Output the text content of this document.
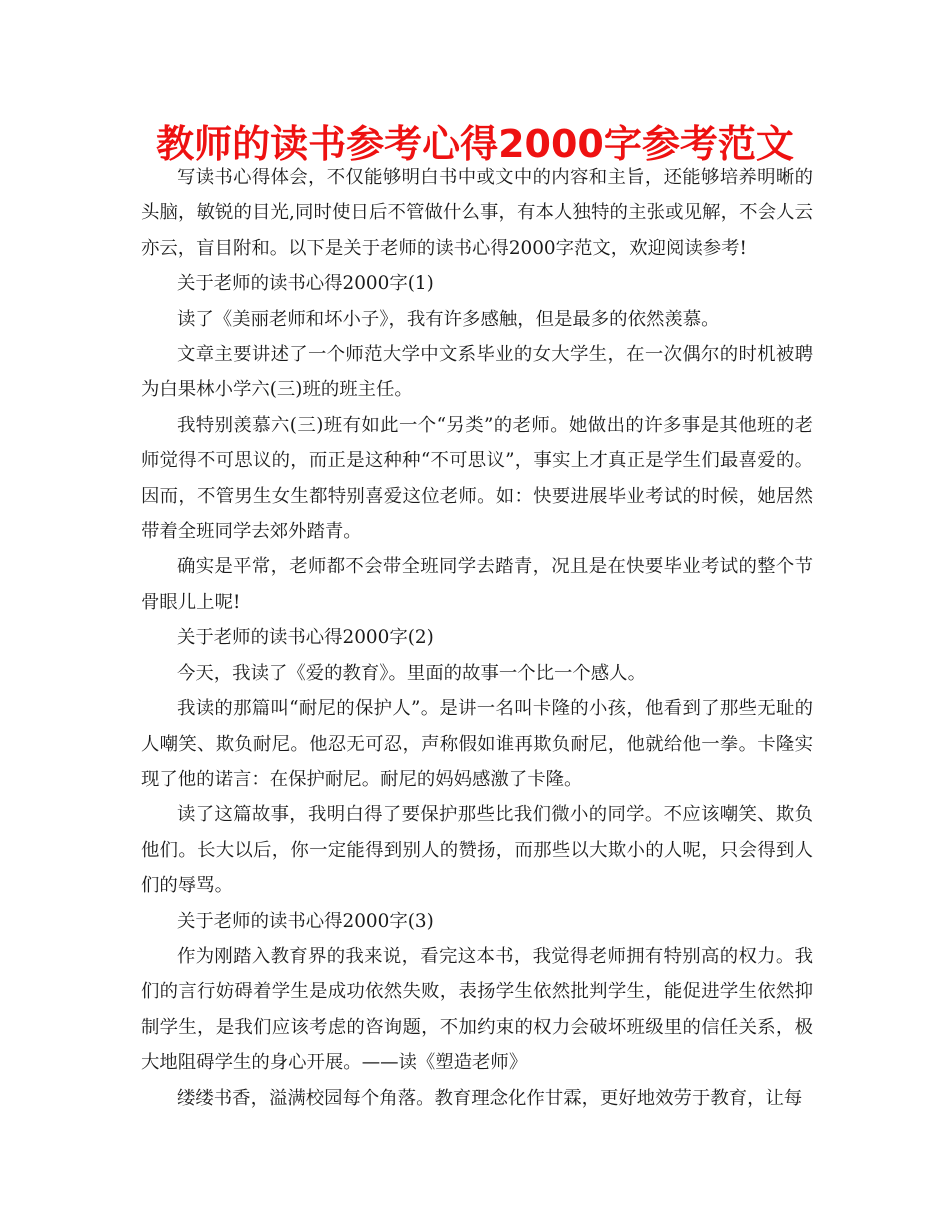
教师的读书参考心得2000字参考范文

写读书心得体会，不仅能够明白书中或文中的内容和主旨，还能够培养明晰的头脑，敏锐的目光,同时使日后不管做什么事，有本人独特的主张或见解，不会人云亦云，盲目附和。以下是关于老师的读书心得2000字范文，欢迎阅读参考!

关于老师的读书心得2000字(1)

读了《美丽老师和坏小子》，我有许多感触，但是最多的依然羡慕。

文章主要讲述了一个师范大学中文系毕业的女大学生，在一次偶尔的时机被聘为白果林小学六(三)班的班主任。

我特别羡慕六(三)班有如此一个“另类”的老师。她做出的许多事是其他班的老师觉得不可思议的，而正是这种种“不可思议”，事实上才真正是学生们最喜爱的。因而，不管男生女生都特别喜爱这位老师。如：快要进展毕业考试的时候，她居然带着全班同学去郊外踏青。

确实是平常，老师都不会带全班同学去踏青，况且是在快要毕业考试的整个节骨眼儿上呢!

关于老师的读书心得2000字(2)

今天，我读了《爱的教育》。里面的故事一个比一个感人。

我读的那篇叫“耐尼的保护人”。是讲一名叫卡隆的小孩，他看到了那些无耻的人嘲笑、欺负耐尼。他忍无可忍，声称假如谁再欺负耐尼，他就给他一拳。卡隆实现了他的诺言：在保护耐尼。耐尼的妈妈感激了卡隆。

读了这篇故事，我明白得了要保护那些比我们微小的同学。不应该嘲笑、欺负他们。长大以后，你一定能得到别人的赞扬，而那些以大欺小的人呢，只会得到人们的辱骂。

关于老师的读书心得2000字(3)

作为刚踏入教育界的我来说，看完这本书，我觉得老师拥有特别高的权力。我们的言行妨碍着学生是成功依然失败，表扬学生依然批判学生，能促进学生依然抑制学生，是我们应该考虑的咨询题，不加约束的权力会破坏班级里的信任关系，极大地阻碍学生的身心开展。——读《塑造老师》

缕缕书香，溢满校园每个角落。教育理念化作甘霖，更好地效劳于教育，让每
